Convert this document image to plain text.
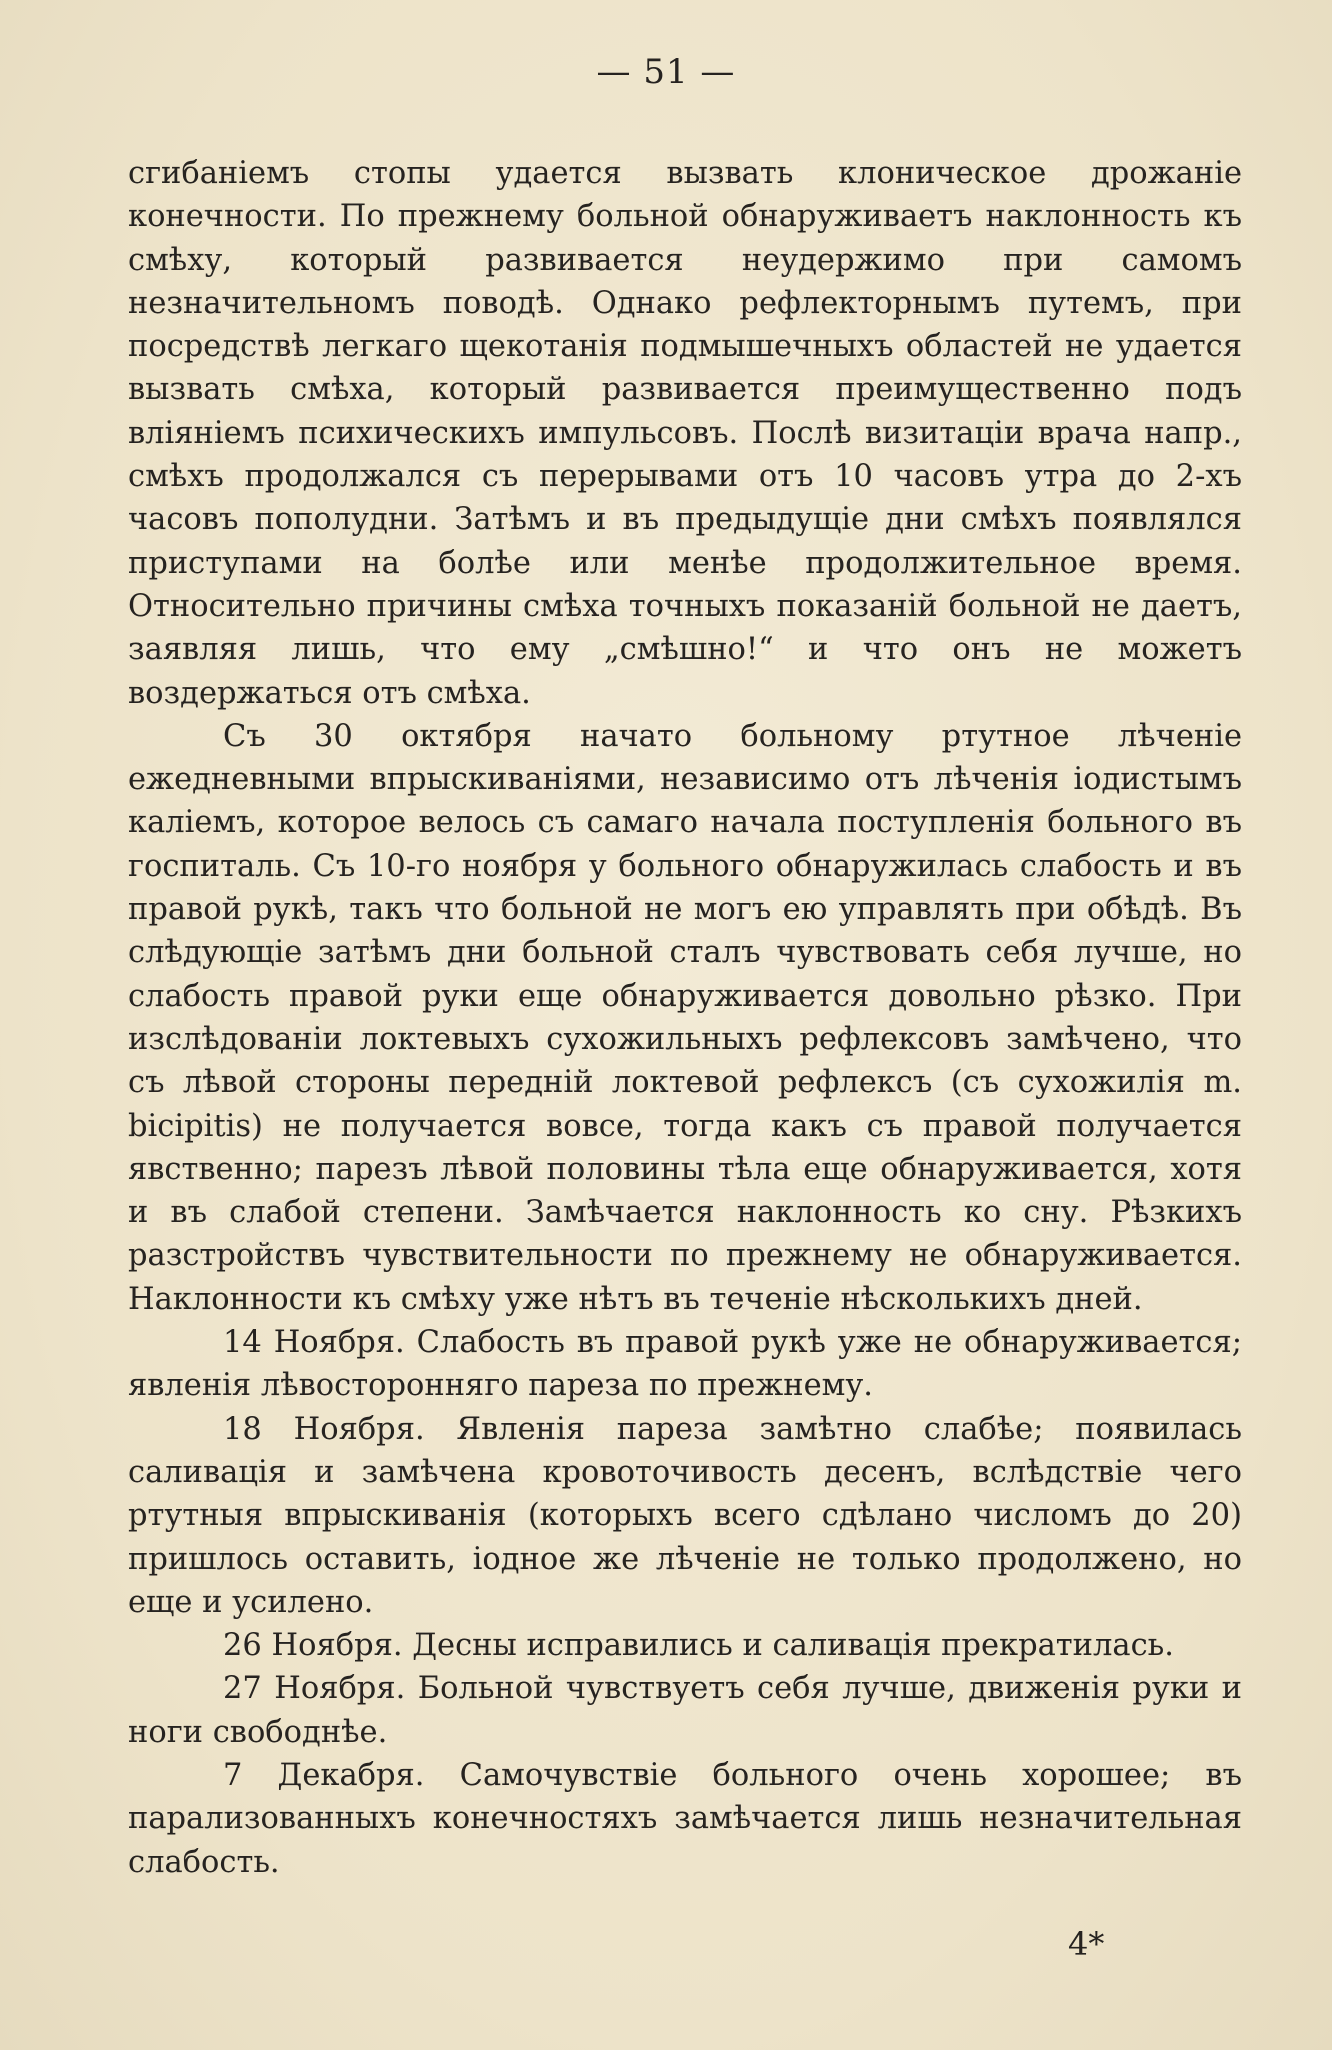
— 51 —

сгибаніемъ стопы удается вызвать клоническое дрожаніе конечности. По прежнему больной обнаруживаетъ наклонность къ смѣху, который развивается неудержимо при самомъ незначительномъ поводѣ. Однако рефлекторнымъ путемъ, при посредствѣ легкаго щекотанія подмышечныхъ областей не удается вызвать смѣха, который развивается преимущественно подъ вліяніемъ психическихъ импульсовъ. Послѣ визитаціи врача напр., смѣхъ продолжался съ перерывами отъ 10 часовъ утра до 2-хъ часовъ пополудни. Затѣмъ и въ предыдущіе дни смѣхъ появлялся приступами на болѣе или менѣе продолжительное время. Относительно причины смѣха точныхъ показаній больной не даетъ, заявляя лишь, что ему „смѣшно!“ и что онъ не можетъ воздержаться отъ смѣха.

Съ 30 октября начато больному ртутное лѣченіе ежедневными впрыскиваніями, независимо отъ лѣченія іодистымъ каліемъ, которое велось съ самаго начала поступленія больного въ госпиталь. Съ 10-го ноября у больного обнаружилась слабость и въ правой рукѣ, такъ что больной не могъ ею управлять при обѣдѣ. Въ слѣдующіе затѣмъ дни больной сталъ чувствовать себя лучше, но слабость правой руки еще обнаруживается довольно рѣзко. При изслѣдованіи локтевыхъ сухожильныхъ рефлексовъ замѣчено, что съ лѣвой стороны передній локтевой рефлексъ (съ сухожилія m. bicipitis) не получается вовсе, тогда какъ съ правой получается явственно; парезъ лѣвой половины тѣла еще обнаруживается, хотя и въ слабой степени. Замѣчается наклонность ко сну. Рѣзкихъ разстройствъ чувствительности по прежнему не обнаруживается. Наклонности къ смѣху уже нѣтъ въ теченіе нѣсколькихъ дней.

14 Ноября. Слабость въ правой рукѣ уже не обнаруживается; явленія лѣвосторонняго пареза по прежнему.

18 Ноября. Явленія пареза замѣтно слабѣе; появилась саливація и замѣчена кровоточивость десенъ, вслѣдствіе чего ртутныя впрыскиванія (которыхъ всего сдѣлано числомъ до 20) пришлось оставить, іодное же лѣченіе не только продолжено, но еще и усилено.

26 Ноября. Десны исправились и саливація прекратилась.

27 Ноября. Больной чувствуетъ себя лучше, движенія руки и ноги свободнѣе.

7 Декабря. Самочувствіе больного очень хорошее; въ парализованныхъ конечностяхъ замѣчается лишь незначительная слабость.

4*
